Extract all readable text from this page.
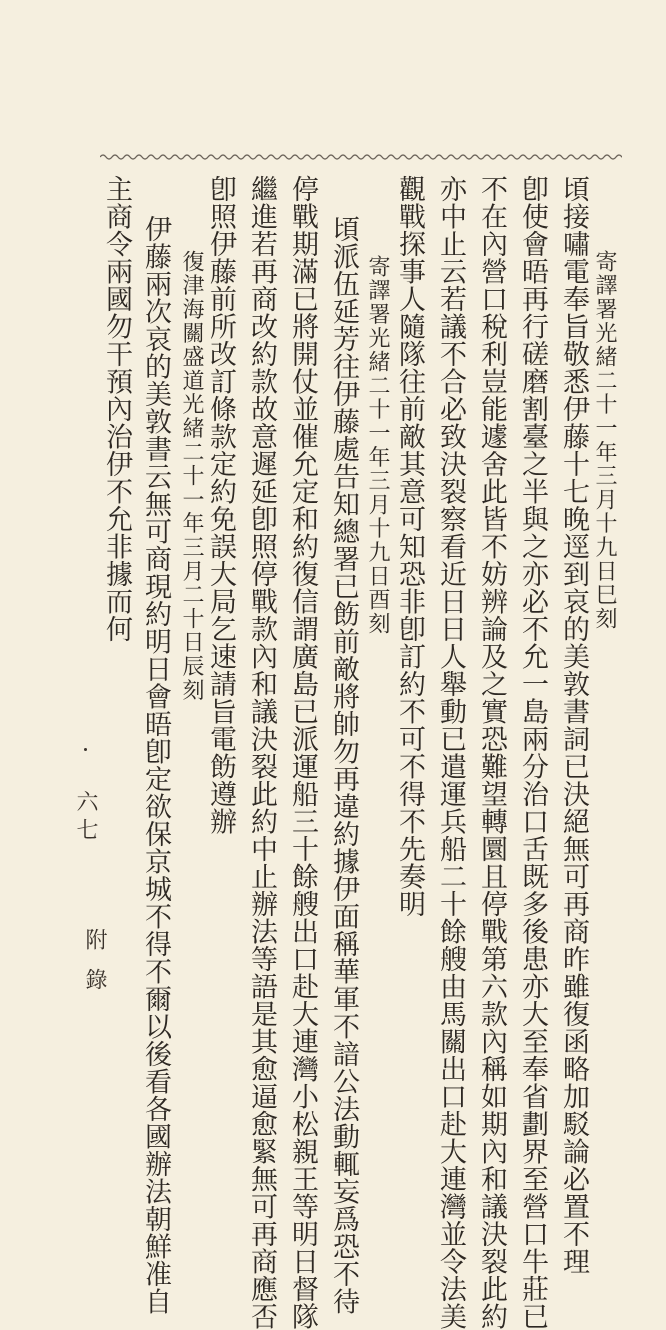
寄譯署光緒二十一年三月十九日巳刻
頃接嘯電奉旨敬悉伊藤十七晚逕到哀的美敦書詞已決絕無可再商昨雖復函略加駁論必置不理
卽使會晤再行磋磨割臺之半與之亦必不允一島兩分治口舌既多後患亦大至奉省劃界至營口牛莊已
不在內營口稅利豈能遽舍此皆不妨辨論及之實恐難望轉圜且停戰第六款內稱如期內和議決裂此約
亦中止云若議不合必致決裂察看近日日人舉動已遣運兵船二十餘艘由馬關出口赴大連灣並令法美
觀戰探事人隨隊往前敵其意可知恐非卽訂約不可不得不先奏明
寄譯署光緒二十一年三月十九日酉刻
頃派伍延芳往伊藤處告知總署已飭前敵將帥勿再違約據伊面稱華軍不諳公法動輒妄爲恐不待
停戰期滿已將開仗並催允定和約復信謂廣島已派運船三十餘艘出口赴大連灣小松親王等明日督隊
繼進若再商改約款故意遲延卽照停戰款內和議決裂此約中止辦法等語是其愈逼愈緊無可再商應否
卽照伊藤前所改訂條款定約免誤大局乞速請旨電飭遵辦
復津海關盛道光緒二十一年三月二十日辰刻
伊藤兩次哀的美敦書云無可商現約明日會晤卽定欲保京城不得不爾以後看各國辦法朝鮮准自
主商令兩國勿干預內治伊不允非據而何
附錄
六七
